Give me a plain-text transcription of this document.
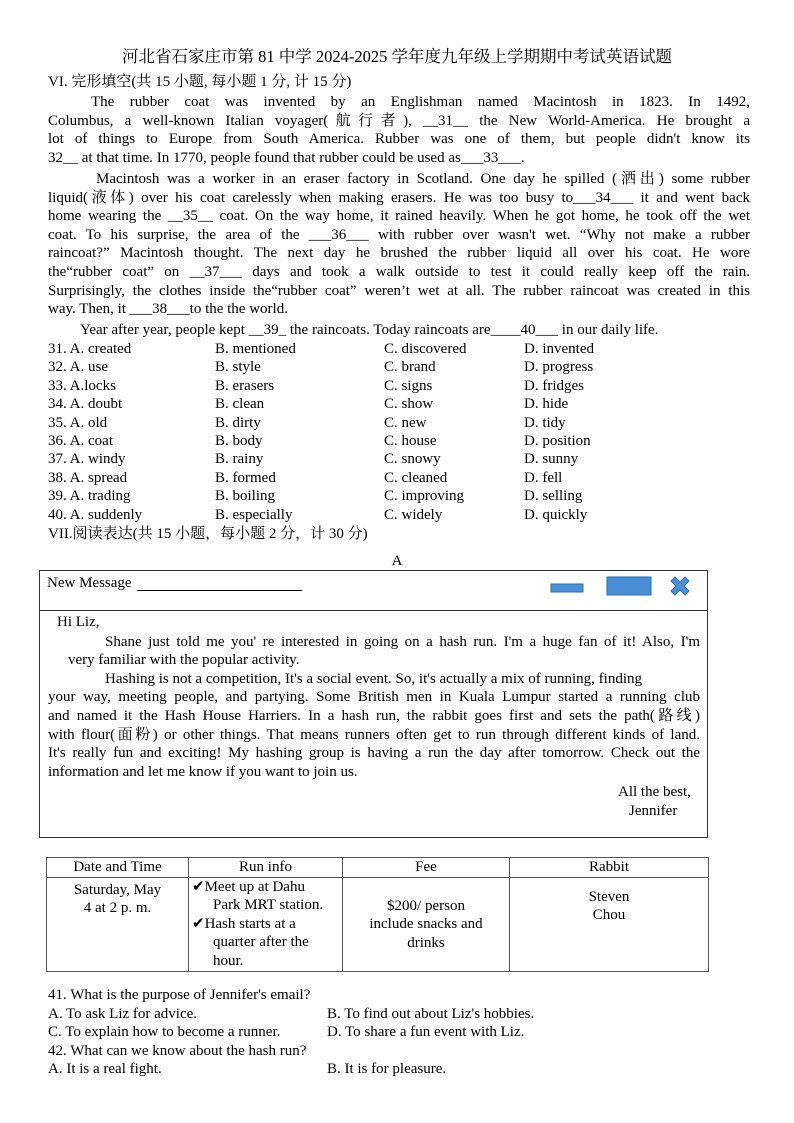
河北省石家庄市第 81 中学 2024-2025 学年度九年级上学期期中考试英语试题
VI. 完形填空(共 15 小题, 每小题 1 分, 计 15 分)
The rubber coat was invented by an Englishman named Macintosh in 1823. In 1492,
Columbus, a well-known Italian voyager(航行者), __31__ the New World-America. He brought a
lot of things to Europe from South America. Rubber was one of them, but people didn't know its
32__ at that time. In 1770, people found that rubber could be used as___33___.
Macintosh was a worker in an eraser factory in Scotland. One day he spilled (洒出) some rubber
liquid(液体) over his coat carelessly when making erasers. He was too busy to___34___ it and went back
home wearing the __35__ coat. On the way home, it rained heavily. When he got home, he took off the wet
coat. To his surprise, the area of the ___36___ with rubber over wasn't wet. “Why not make a rubber
raincoat?” Macintosh thought. The next day he brushed the rubber liquid all over his coat. He wore
the“rubber coat” on __37___ days and took a walk outside to test it could really keep off the rain.
Surprisingly, the clothes inside the“rubber coat” weren’t wet at all. The rubber raincoat was created in this
way. Then, it ___38___to the the world.
Year after year, people kept __39_ the raincoats. Today raincoats are____40___ in our daily life.
31. A. created	B. mentioned	C. discovered	D. invented
32. A. use	B. style	C. brand	D. progress
33. A.locks	B. erasers	C. signs	D. fridges
34. A. doubt	B. clean	C. show	D. hide
35. A. old	B. dirty	C. new	D. tidy
36. A. coat	B. body	C. house	D. position
37. A. windy	B. rainy	C. snowy	D. sunny
38. A. spread	B. formed	C. cleaned	D. fell
39. A. trading	B. boiling	C. improving	D. selling
40. A. suddenly	B. especially	C. widely	D. quickly
VII.阅读表达(共 15 小题，每小题 2 分，计 30 分)
A
New Message
Hi Liz,
Shane just told me you' re interested in going on a hash run. I'm a huge fan of it! Also, I'm
very familiar with the popular activity.
Hashing is not a competition, It's a social event. So, it's actually a mix of running, finding
your way, meeting people, and partying. Some British men in Kuala Lumpur started a running club
and named it the Hash House Harriers. In a hash run, the rabbit goes first and sets the path(路线)
with flour(面粉) or other things. That means runners often get to run through different kinds of land.
It's really fun and exciting! My hashing group is having a run the day after tomorrow. Check out the
information and let me know if you want to join us.
All the best,
Jennifer
Date and Time	Run info	Fee	Rabbit

Saturday, May
4 at 2 p. m.	✔Meet up at Dahu
Park MRT station.
✔Hash starts at a
quarter after the
hour.	$200/ person
include snacks and
drinks	Steven
Chou
41. What is the purpose of Jennifer's email?
A. To ask Liz for advice.	B. To find out about Liz's hobbies.
C. To explain how to become a runner.	D. To share a fun event with Liz.
42. What can we know about the hash run?
A. It is a real fight.	B. It is for pleasure.
